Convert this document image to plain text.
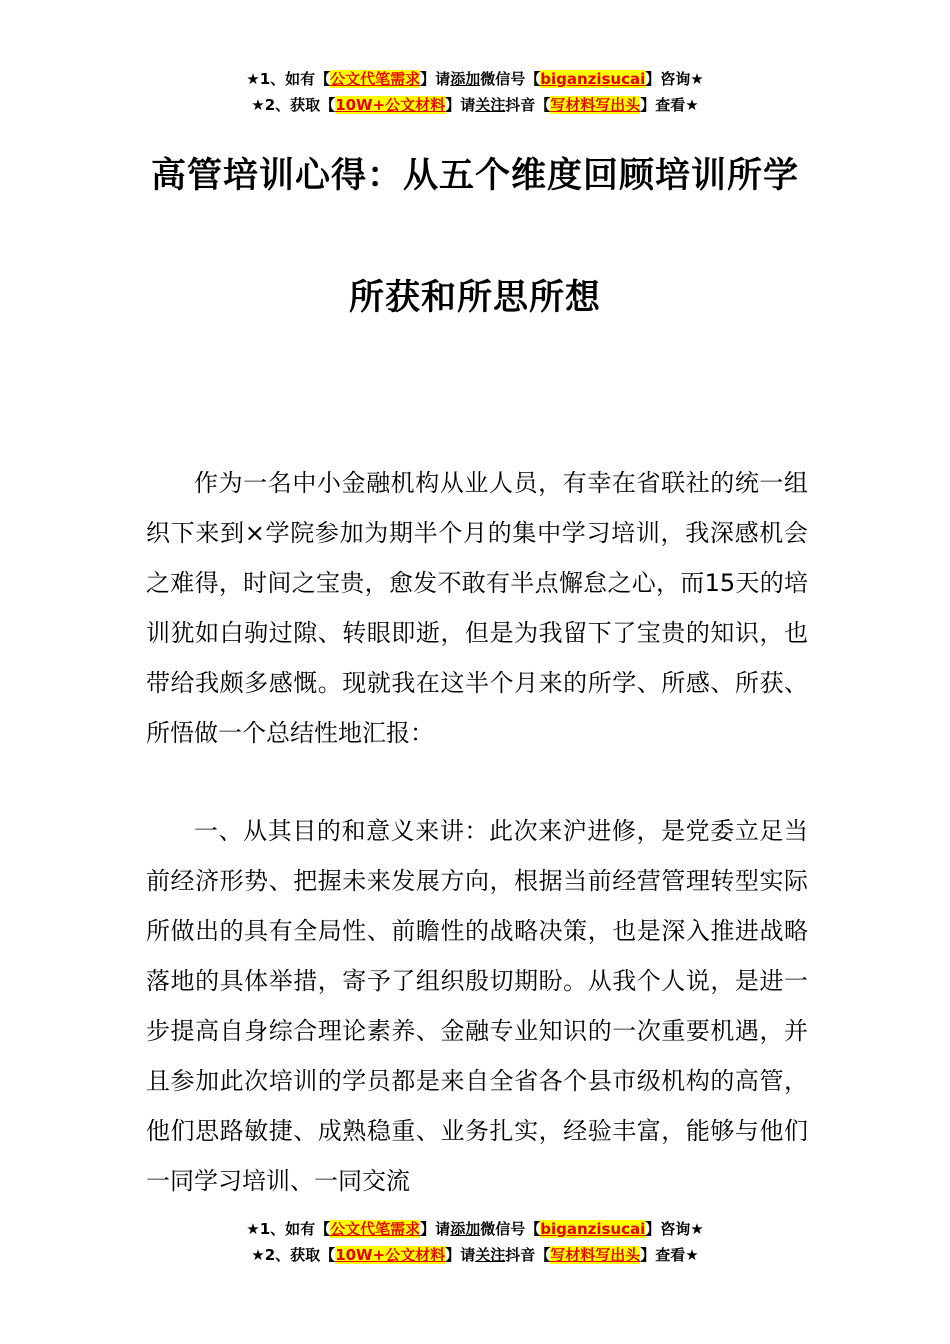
★1、如有【公文代笔需求】请添加微信号【biganzisucai】咨询★
★2、获取【10W+公文材料】请关注抖音【写材料写出头】查看★
高管培训心得：从五个维度回顾培训所学
所获和所思所想

作为一名中小金融机构从业人员，有幸在省联社的统一组织下来到×学院参加为期半个月的集中学习培训，我深感机会之难得，时间之宝贵，愈发不敢有半点懈怠之心，而15天的培训犹如白驹过隙、转眼即逝，但是为我留下了宝贵的知识，也带给我颇多感慨。现就我在这半个月来的所学、所感、所获、所悟做一个总结性地汇报：

一、从其目的和意义来讲：此次来沪进修，是党委立足当前经济形势、把握未来发展方向，根据当前经营管理转型实际所做出的具有全局性、前瞻性的战略决策，也是深入推进战略落地的具体举措，寄予了组织殷切期盼。从我个人说，是进一步提高自身综合理论素养、金融专业知识的一次重要机遇，并且参加此次培训的学员都是来自全省各个县市级机构的高管，他们思路敏捷、成熟稳重、业务扎实，经验丰富，能够与他们一同学习培训、一同交流

★1、如有【公文代笔需求】请添加微信号【biganzisucai】咨询★
★2、获取【10W+公文材料】请关注抖音【写材料写出头】查看★
